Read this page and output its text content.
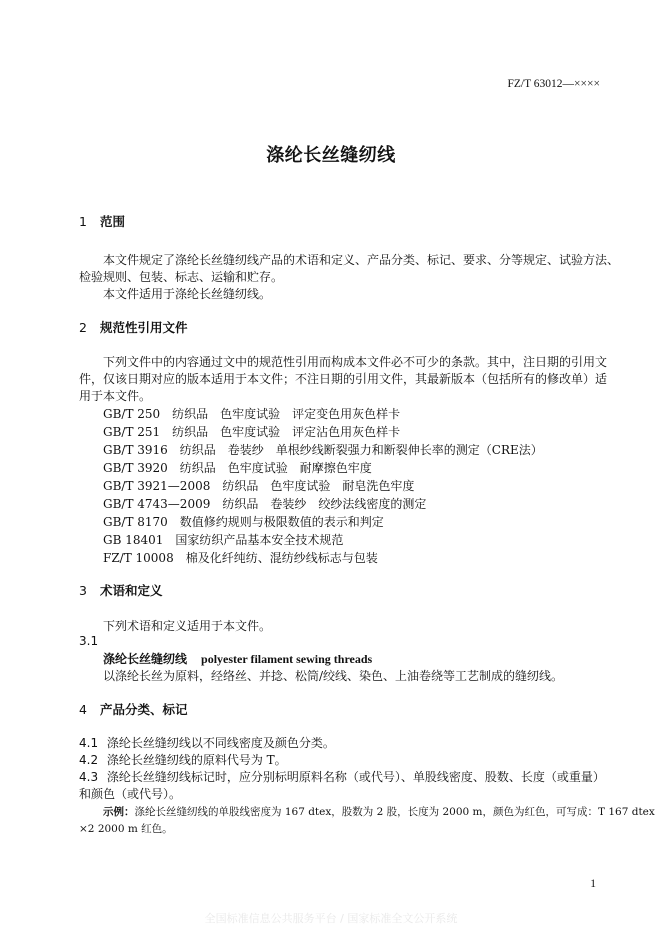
FZ/T 63012—××××
涤纶长丝缝纫线
1 范围
本文件规定了涤纶长丝缝纫线产品的术语和定义、产品分类、标记、要求、分等规定、试验方法、
检验规则、包装、标志、运输和贮存。
本文件适用于涤纶长丝缝纫线。
2 规范性引用文件
下列文件中的内容通过文中的规范性引用而构成本文件必不可少的条款。其中，注日期的引用文
件，仅该日期对应的版本适用于本文件；不注日期的引用文件，其最新版本（包括所有的修改单）适
用于本文件。
GB/T 250　纺织品　色牢度试验　评定变色用灰色样卡
GB/T 251　纺织品　色牢度试验　评定沾色用灰色样卡
GB/T 3916　纺织品　卷装纱　单根纱线断裂强力和断裂伸长率的测定（CRE法）
GB/T 3920　纺织品　色牢度试验　耐摩擦色牢度
GB/T 3921—2008　纺织品　色牢度试验　耐皂洗色牢度
GB/T 4743—2009　纺织品　卷装纱　绞纱法线密度的测定
GB/T 8170　数值修约规则与极限数值的表示和判定
GB 18401　国家纺织产品基本安全技术规范
FZ/T 10008　棉及化纤纯纺、混纺纱线标志与包装
3 术语和定义
下列术语和定义适用于本文件。
3.1
涤纶长丝缝纫线 polyester filament sewing threads
以涤纶长丝为原料，经络丝、并捻、松筒/绞线、染色、上油卷绕等工艺制成的缝纫线。
4 产品分类、标记
4.1 涤纶长丝缝纫线以不同线密度及颜色分类。
4.2 涤纶长丝缝纫线的原料代号为 T。
4.3 涤纶长丝缝纫线标记时，应分别标明原料名称（或代号）、单股线密度、股数、长度（或重量）
和颜色（或代号）。
示例：涤纶长丝缝纫线的单股线密度为 167 dtex，股数为 2 股，长度为 2000 m，颜色为红色，可写成：T 167 dtex
×2 2000 m 红色。
1
全国标准信息公共服务平台 / 国家标准全文公开系统
